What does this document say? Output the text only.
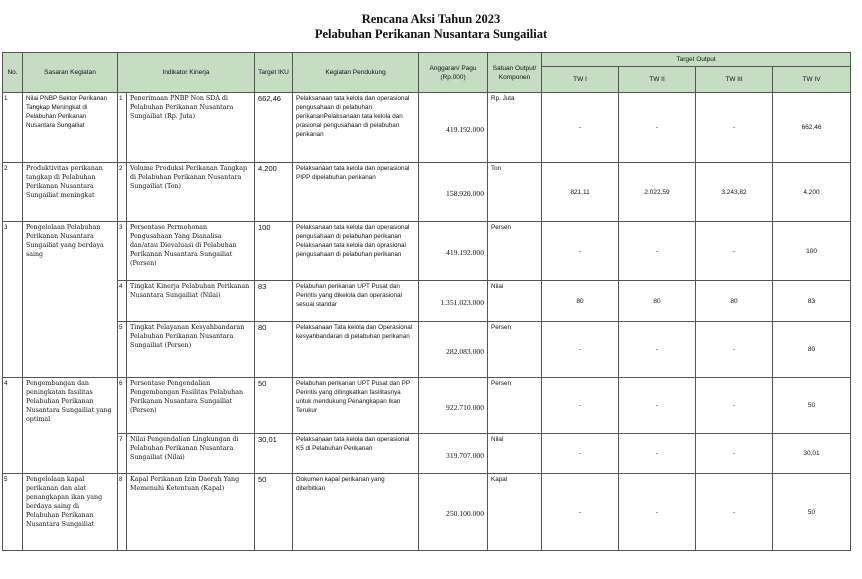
Rencana Aksi Tahun 2023
Pelabuhan Perikanan Nusantara Sungailiat
No.	Sasaran Kegiatan	Indikator Kinerja		Target IKU	Kegiatan Pendukung	Anggaran/ Pagu (Rp.000)	Satuan Output/ Komponen	Target Output			
								TW I	TW II	TW III	TW IV
1	Nilai PNBP Sektor Perikanan Tangkap Meningkat di Pelabuhan Perikanan Nusantara Sungailiat	1	Penerimaan PNBP Non SDA di Pelabuhan Perikanan Nusantara Sungailiat (Rp. Juta)	662,46	Pelaksanaan tata kelola dan operasional pengusahaan di pelabuhan perikananPelaksanaan tata kelola dan prasional pengusahaan di pelabuhan perikanan	419.192.000	Rp. Juta	-	-	-	662,46
2	Produktivitas perikanan tangkap di Pelabuhan Perikanan Nusantara Sungailiat meningkat	2	Volume Produksi Perikanan Tangkap di Pelabuhan Perikanan Nusantara Sungailiat (Ton)	4.200	Pelaksanaan tata kelola dan operasional PIPP dipelabuhan perikanan	158.920.000	Ton	821,11	2.022,59	3.243,82	4.200
3	Pengelolaan Pelabuhan Perikanan Nusantara Sungailiat yang berdaya saing	3	Persentase Permohonan Pengusahaan Yang Dianalisa dan/atau Dievaluasi di Pelabuhan Perikanan Nusantara Sungailiat (Persen)	100	Pelaksanaan tata kelola dan operasional pengusahaan di pelabuhan perikanan Pelaksanaan tata kelola dan oprasional pengusahaan di pelabuhan perikanan	419.192.000	Persen	-	-	-	100
		4	Tingkat Kinerja Pelabuhan Perikanan Nusantara Sungailiat (Nilai)	83	Pelabuhan perikanan UPT Pusat dan Perintis yang dikelola dan operasional sesuai standar	1.351.023.000	Nilai	80	80	80	83
		5	Tingkat Pelayanan Kesyahbandaran Pelabuhan Perikanan Nusantara Sungailiat (Persen)	80	Pelaksanaan Tata kelola dan Operasional kesyahbandaran di pelabuhan perikanan	282.083.000	Persen	-	-	-	80
4	Pengembangan dan peningkatan fasilitas Pelabuhan Perikanan Nusantara Sungailiat yang optimal	6	Persentase Pengendalian Pengembangan Fasilitas Pelabuhan Perikanan Nusantara Sungailiat (Persen)	50	Pelabuhan perikanan UPT Pusat dan PP Perintis yang ditingkatkan fasilitasnya untuk mendukung Penangkapan Ikan Terukur	922.710.000	Persen	-	-	-	50
		7	Nilai Pengendalian Lingkungan di Pelabuhan Perikanan Nusantara Sungailiat (Nilai)	30,01	Pelaksanaan tata kelola dan operasional K5 di Pelabuhan Perikanan	319.707.000	Nilai	-	-	-	30,01
5	Pengelolaan kapal perikanan dan alat penangkapan ikan yang berdaya saing di Pelabuhan Perikanan Nusantara Sungailiat	8	Kapal Perikanan Izin Daerah Yang Memenuhi Ketentuan (Kapal)	50	Dokumen kapal perikanan yang diterbitkan	250.100.000	Kapal	-	-	-	50
